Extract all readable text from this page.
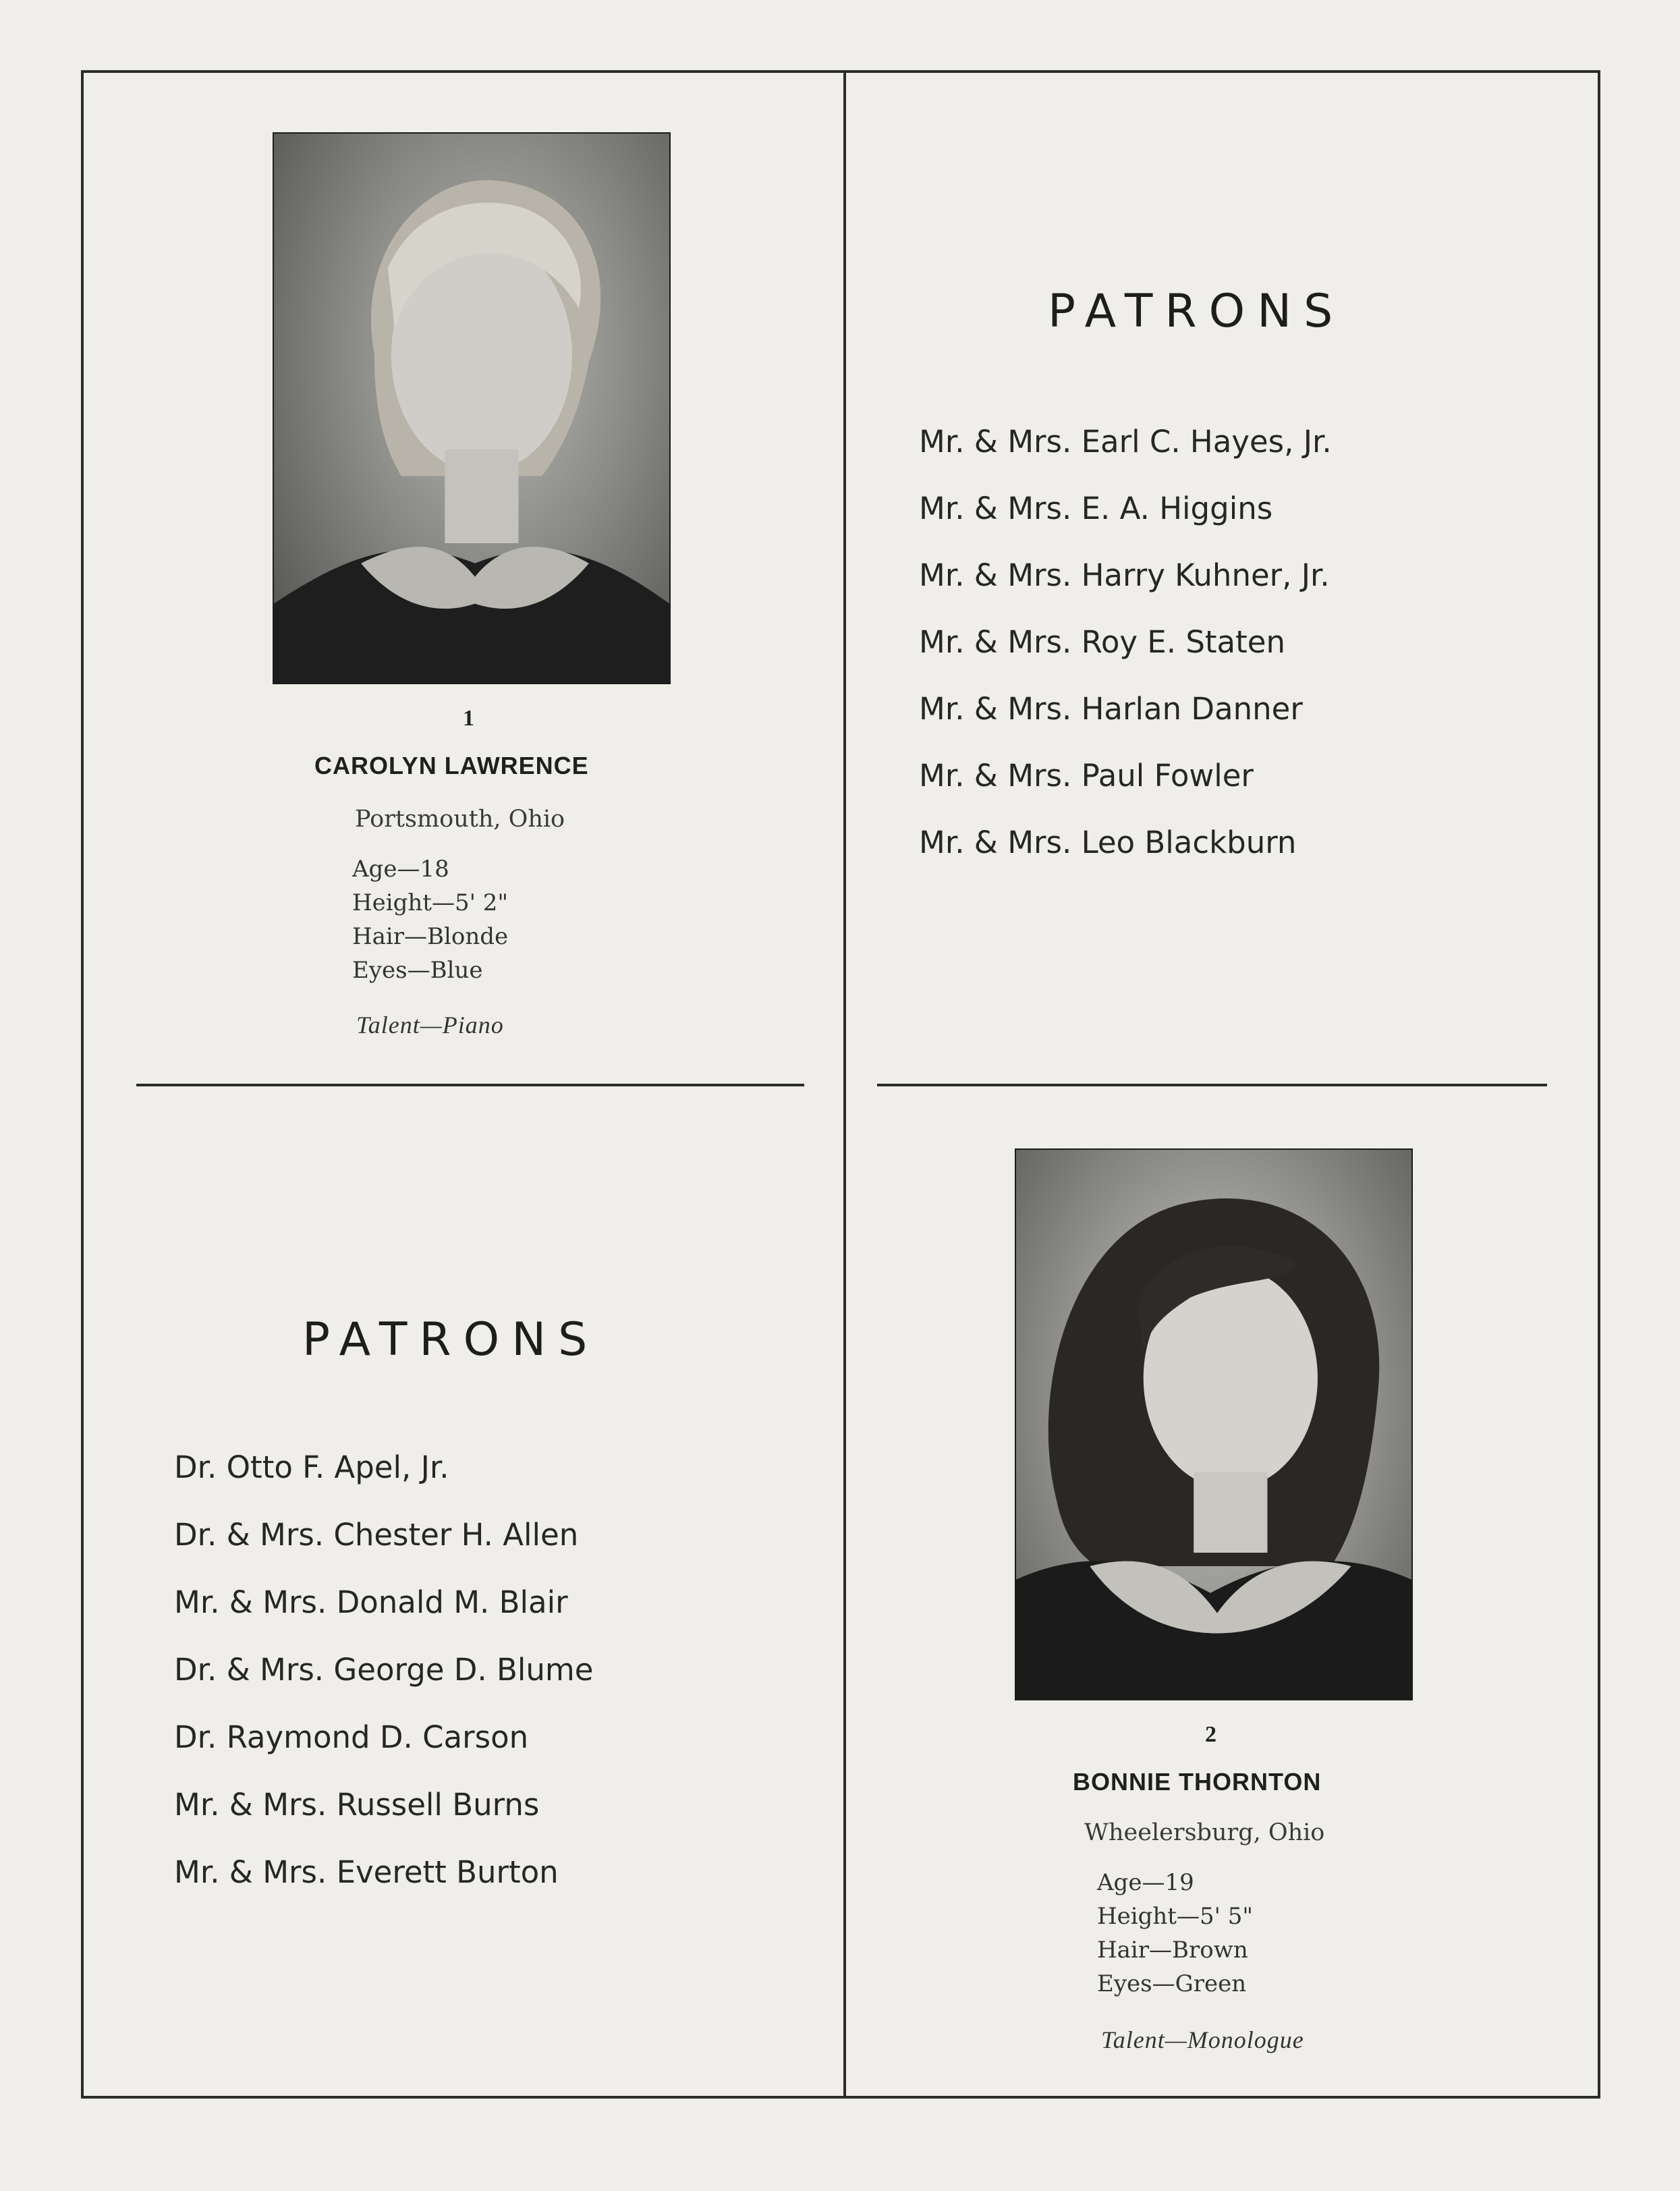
1
CAROLYN LAWRENCE
Portsmouth, Ohio
Age—18
Height—5' 2"
Hair—Blonde
Eyes—Blue
Talent—Piano
PATRONS
Mr. & Mrs. Earl C. Hayes, Jr.
Mr. & Mrs. E. A. Higgins
Mr. & Mrs. Harry Kuhner, Jr.
Mr. & Mrs. Roy E. Staten
Mr. & Mrs. Harlan Danner
Mr. & Mrs. Paul Fowler
Mr. & Mrs. Leo Blackburn
PATRONS
Dr. Otto F. Apel, Jr.
Dr. & Mrs. Chester H. Allen
Mr. & Mrs. Donald M. Blair
Dr. & Mrs. George D. Blume
Dr. Raymond D. Carson
Mr. & Mrs. Russell Burns
Mr. & Mrs. Everett Burton
2
BONNIE THORNTON
Wheelersburg, Ohio
Age—19
Height—5' 5"
Hair—Brown
Eyes—Green
Talent—Monologue
